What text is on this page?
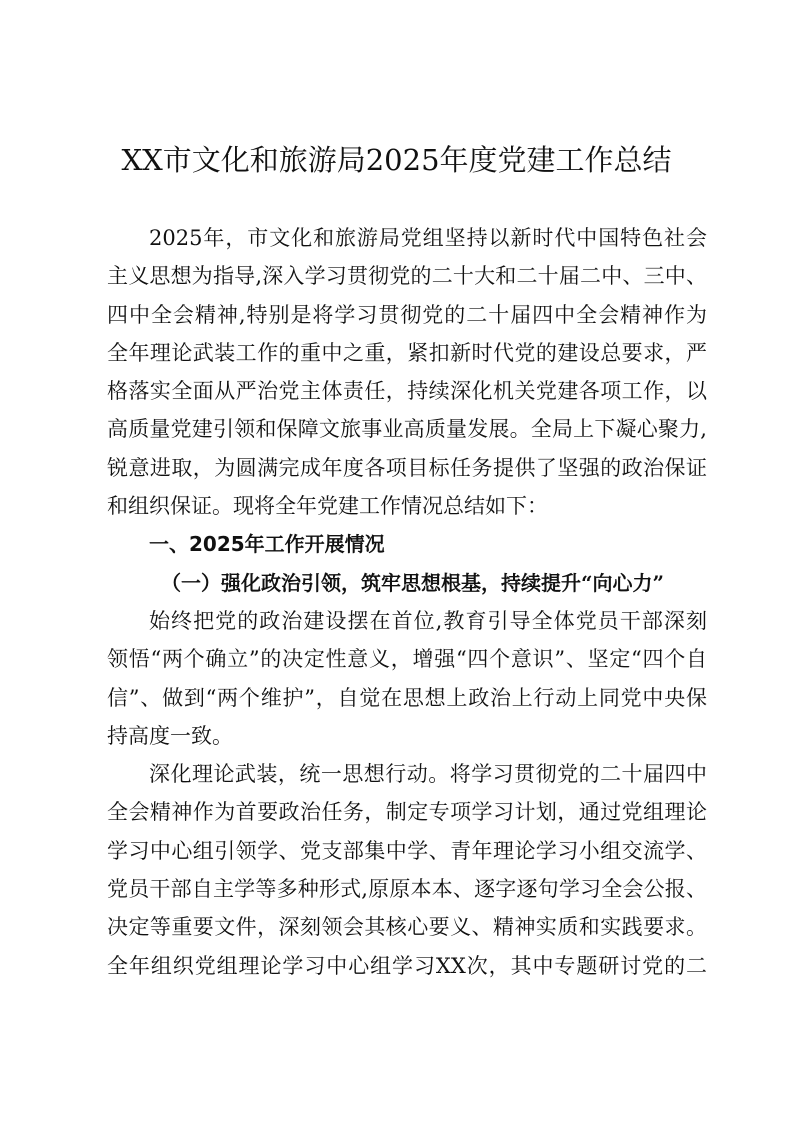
XX市文化和旅游局2025年度党建工作总结
2025年，市文化和旅游局党组坚持以新时代中国特色社会
主义思想为指导,深入学习贯彻党的二十大和二十届二中、三中、
四中全会精神,特别是将学习贯彻党的二十届四中全会精神作为
全年理论武装工作的重中之重，紧扣新时代党的建设总要求，严
格落实全面从严治党主体责任，持续深化机关党建各项工作，以
高质量党建引领和保障文旅事业高质量发展。全局上下凝心聚力,
锐意进取，为圆满完成年度各项目标任务提供了坚强的政治保证
和组织保证。现将全年党建工作情况总结如下：
一、2025年工作开展情况
（一）强化政治引领，筑牢思想根基，持续提升“向心力”
始终把党的政治建设摆在首位,教育引导全体党员干部深刻
领悟“两个确立”的决定性意义，增强“四个意识”、坚定“四个自
信”、做到“两个维护”，自觉在思想上政治上行动上同党中央保
持高度一致。
深化理论武装，统一思想行动。将学习贯彻党的二十届四中
全会精神作为首要政治任务，制定专项学习计划，通过党组理论
学习中心组引领学、党支部集中学、青年理论学习小组交流学、
党员干部自主学等多种形式,原原本本、逐字逐句学习全会公报、
决定等重要文件，深刻领会其核心要义、精神实质和实践要求。
全年组织党组理论学习中心组学习XX次，其中专题研讨党的二
